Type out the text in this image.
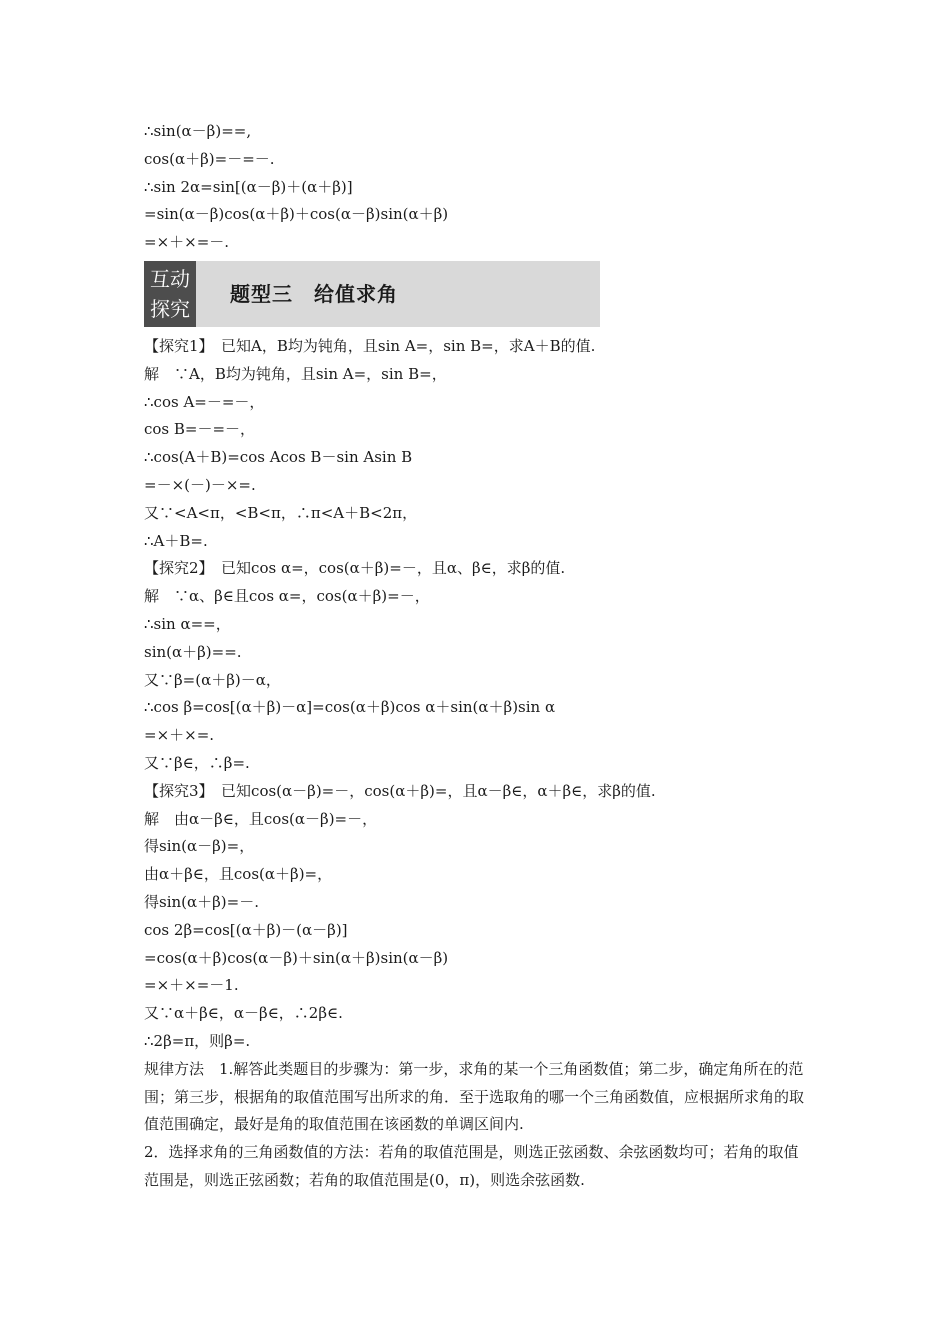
∴sin(α－β)==,
cos(α＋β)=－=－.
∴sin 2α=sin[(α－β)＋(α＋β)]
=sin(α－β)cos(α＋β)＋cos(α－β)sin(α＋β)
=×＋×=－.
互动
探究
题型三　给值求角
【探究1】　已知A，B均为钝角，且sin A=，sin B=，求A＋B的值.
解　∵A，B均为钝角，且sin A=，sin B=，
∴cos A=－=－，
cos B=－=－，
∴cos(A＋B)=cos Acos B－sin Asin B
=－×(－)－×=.
又∵<A<π，<B<π，∴π<A＋B<2π，
∴A＋B=.
【探究2】　已知cos α=，cos(α＋β)=－，且α、β∈，求β的值.
解　∵α、β∈且cos α=，cos(α＋β)=－，
∴sin α==，
sin(α＋β)==.
又∵β=(α＋β)－α，
∴cos β=cos[(α＋β)－α]=cos(α＋β)cos α＋sin(α＋β)sin α
=×＋×=.
又∵β∈，∴β=.
【探究3】　已知cos(α－β)=－，cos(α＋β)=，且α－β∈，α＋β∈，求β的值.
解　由α－β∈，且cos(α－β)=－，
得sin(α－β)=，
由α＋β∈，且cos(α＋β)=，
得sin(α＋β)=－.
cos 2β=cos[(α＋β)－(α－β)]
=cos(α＋β)cos(α－β)＋sin(α＋β)sin(α－β)
=×＋×=－1.
又∵α＋β∈，α－β∈，∴2β∈.
∴2β=π，则β=.
规律方法　1.解答此类题目的步骤为：第一步，求角的某一个三角函数值；第二步，确定角所在的范围；第三步，根据角的取值范围写出所求的角．至于选取角的哪一个三角函数值，应根据所求角的取值范围确定，最好是角的取值范围在该函数的单调区间内.
2．选择求角的三角函数值的方法：若角的取值范围是，则选正弦函数、余弦函数均可；若角的取值范围是，则选正弦函数；若角的取值范围是(0，π)，则选余弦函数.
